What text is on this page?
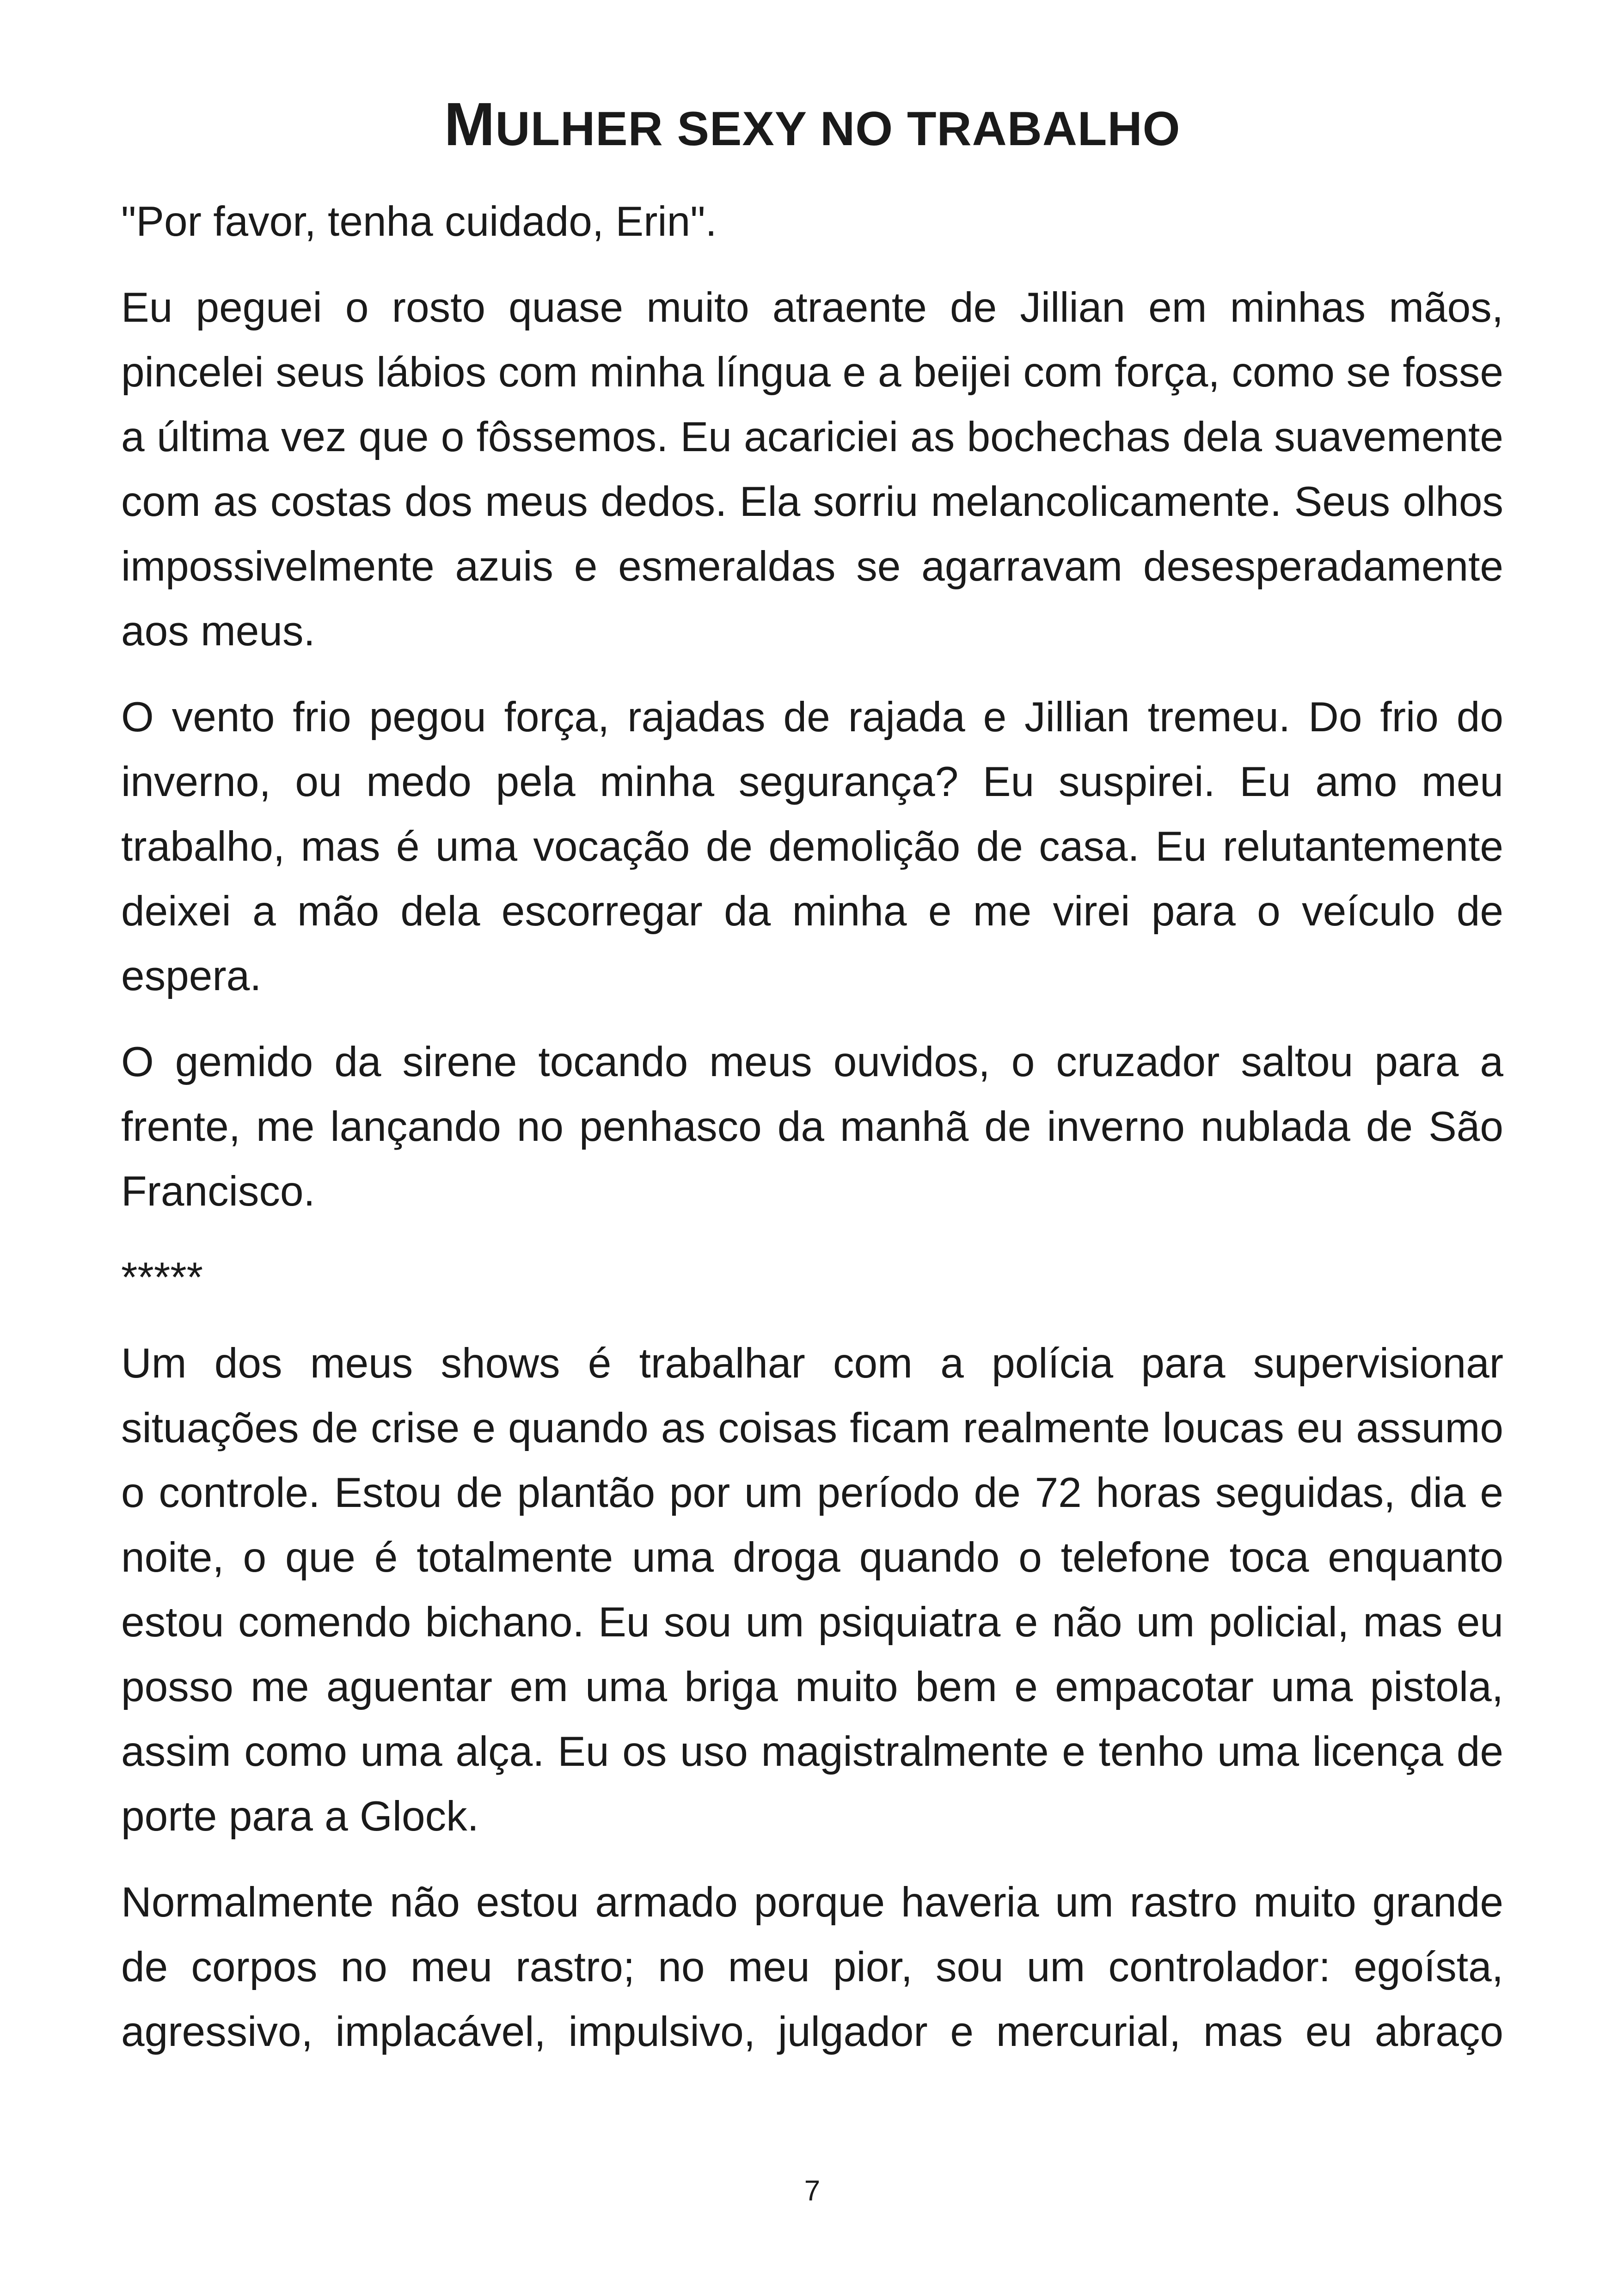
MULHER SEXY NO TRABALHO

"Por favor, tenha cuidado, Erin".

Eu peguei o rosto quase muito atraente de Jillian em minhas mãos, pincelei seus lábios com minha língua e a beijei com força, como se fosse a última vez que o fôssemos. Eu acariciei as bochechas dela suavemente com as costas dos meus dedos. Ela sorriu melancolicamente. Seus olhos impossivelmente azuis e esmeraldas se agarravam desesperadamente aos meus.

O vento frio pegou força, rajadas de rajada e Jillian tremeu. Do frio do inverno, ou medo pela minha segurança? Eu suspirei. Eu amo meu trabalho, mas é uma vocação de demolição de casa. Eu relutantemente deixei a mão dela escorregar da minha e me virei para o veículo de espera.

O gemido da sirene tocando meus ouvidos, o cruzador saltou para a frente, me lançando no penhasco da manhã de inverno nublada de São Francisco.

*****

Um dos meus shows é trabalhar com a polícia para supervisionar situações de crise e quando as coisas ficam realmente loucas eu assumo o controle. Estou de plantão por um período de 72 horas seguidas, dia e noite, o que é totalmente uma droga quando o telefone toca enquanto estou comendo bichano. Eu sou um psiquiatra e não um policial, mas eu posso me aguentar em uma briga muito bem e empacotar uma pistola, assim como uma alça. Eu os uso magistralmente e tenho uma licença de porte para a Glock.

Normalmente não estou armado porque haveria um rastro muito grande de corpos no meu rastro; no meu pior, sou um controlador: egoísta, agressivo, implacável, impulsivo, julgador e mercurial, mas eu abraço

7
